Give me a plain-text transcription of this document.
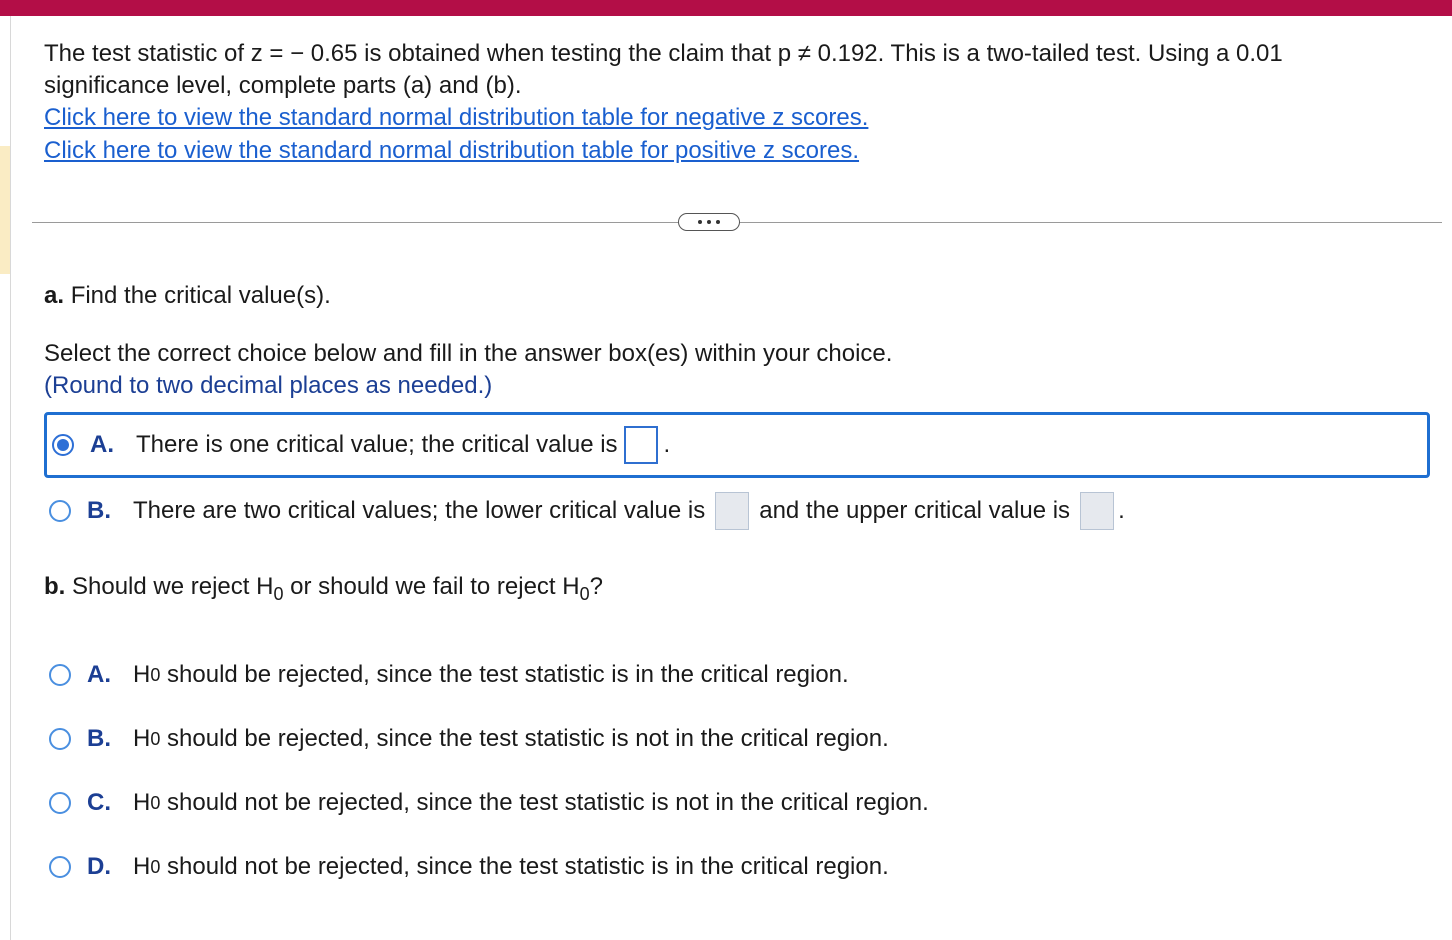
The test statistic of z = − 0.65 is obtained when testing the claim that p ≠ 0.192. This is a two-tailed test. Using a 0.01
significance level, complete parts (a) and (b).
Click here to view the standard normal distribution table for negative z scores.
Click here to view the standard normal distribution table for positive z scores.
a. Find the critical value(s).
Select the correct choice below and fill in the answer box(es) within your choice.
(Round to two decimal places as needed.)
A. There is one critical value; the critical value is .
B. There are two critical values; the lower critical value is and the upper critical value is .
b. Should we reject $H_0$ or should we fail to reject $H_0$?
A. H 0
should be rejected, since the test statistic is in the critical region.
B. H 0
should be rejected, since the test statistic is not in the critical region.
C. H 0
should not be rejected, since the test statistic is not in the critical region.
D. H 0
should not be rejected, since the test statistic is in the critical region.
